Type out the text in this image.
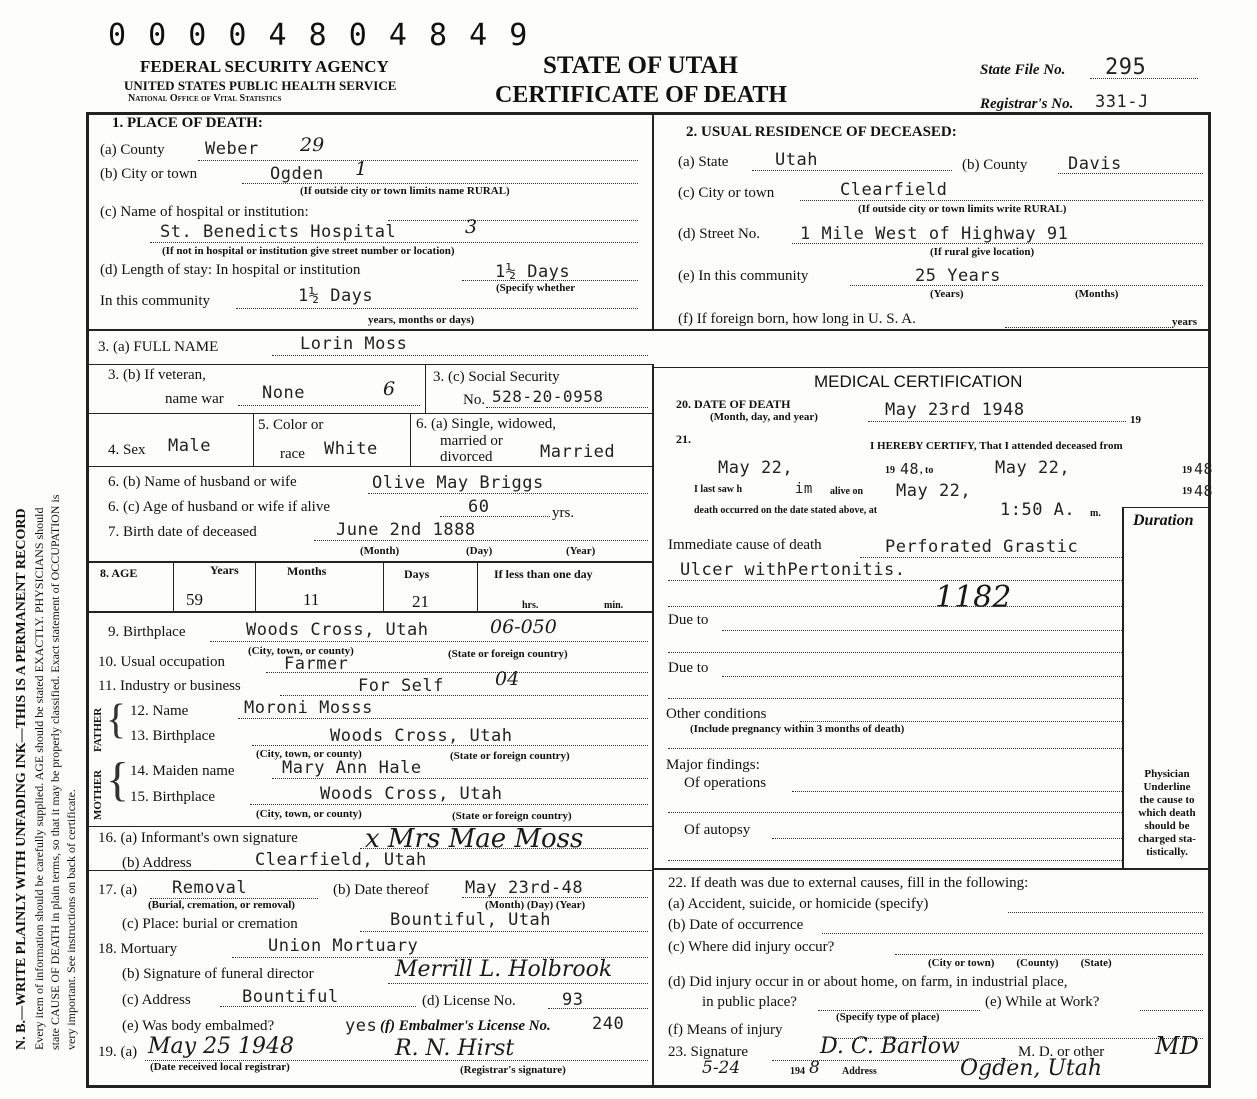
N. B.—WRITE PLAINLY WITH UNFADING INK—THIS IS A PERMANENT RECORD Every item of information should be carefully supplied. AGE should be stated EXACTLY. PHYSICIANS should state CAUSE OF DEATH in plain terms, so that it may be properly classified. Exact statement of OCCUPATION is very important. See instructions on back of certificate.
0 0 0 0 4 8 0 4 8 4 9
FEDERAL SECURITY AGENCY
UNITED STATES PUBLIC HEALTH SERVICE
National Office of Vital Statistics
STATE OF UTAH
CERTIFICATE OF DEATH
State File No. 295
Registrar's No. 331-J
1. PLACE OF DEATH:
(a) County Weber 29
(b) City or town	Ogden 1
(If outside city or town limits name RURAL)
(c) Name of hospital or institution:
St. Benedicts Hospital	3
(If not in hospital or institution give street number or location)
(d) Length of stay: In hospital or institution	1½ Days
(Specify whether
In this community	1½ Days
years, months or days)
2. USUAL RESIDENCE OF DECEASED:
(a) State	Utah	(b) County Davis
(c) City or town	Clearfield
(If outside city or town limits write RURAL)
(d) Street No. 1 Mile West of Highway 91
(If rural give location)
(e) In this community	25 Years
(Years)	(Months)
(f) If foreign born, how long in U. S. A.	years
3. (a) FULL NAME	Lorin Moss
3. (b) If veteran,
name war None	6
3. (c) Social Security
No. 528-20-0958
4. Sex Male
5. Color or
race White
6. (a) Single, widowed,
married or
divorced	Married
6. (b) Name of husband or wife	Olive May Briggs
6. (c) Age of husband or wife if alive	60	yrs.
7. Birth date of deceased	June 2nd 1888
(Month)	(Day)	(Year)
8. AGE	Years	Months	Days	If less than one day
59	11	21	hrs.	min.
9. Birthplace	Woods Cross, Utah	06-050
(City, town, or county)	(State or foreign country)
10. Usual occupation	Farmer
11. Industry or business	For Self	04
FATHER
MOTHER
{
{
12. Name	Moroni Mosss
13. Birthplace	Woods Cross, Utah
(City, town, or county)	(State or foreign country)
14. Maiden name	Mary Ann Hale
15. Birthplace	Woods Cross, Utah
(City, town, or county)	(State or foreign country)
16. (a) Informant's own signature	x Mrs Mae Moss
(b) Address	Clearfield, Utah
17. (a) Removal
(Burial, cremation, or removal)
(b) Date thereof May 23rd-48
(Month) (Day) (Year)
(c) Place: burial or cremation	Bountiful, Utah
18. Mortuary	Union Mortuary
(b) Signature of funeral director	Merrill L. Holbrook
(c) Address	Bountiful	(d) License No.	93
(e) Was body embalmed?	yes (f) Embalmer's License No. 240
19. (a) May 25 1948
(Date received local registrar)
R. N. Hirst
(Registrar's signature)
MEDICAL CERTIFICATION
20. DATE OF DEATH
(Month, day, and year)	May 23rd 1948	19
21.	I HEREBY CERTIFY, That I attended deceased from
May 22,	19 48 , to	May 22,	19 48
I last saw h	im alive on May 22,	19 48
death occurred on the date stated above, at	1:50 A. m. Duration
Immediate cause of death	Perforated Grastic
Ulcer withPertonitis.
1182
Due to
Due to
Other conditions
(Include pregnancy within 3 months of death)
Major findings:
Of operations
Of autopsy
Physician
Underline
the cause to
which death
should be
charged sta-
tistically.
22. If death was due to external causes, fill in the following:
(a) Accident, suicide, or homicide (specify)
(b) Date of occurrence
(c) Where did injury occur?
(City or town)        (County)        (State)
(d) Did injury occur in or about home, on farm, in industrial place,
in public place?	(e) While at Work?
(Specify type of place)
(f) Means of injury
23. Signature	D. C. Barlow	M. D. or other MD
5-24	194 8 Address	Ogden, Utah
